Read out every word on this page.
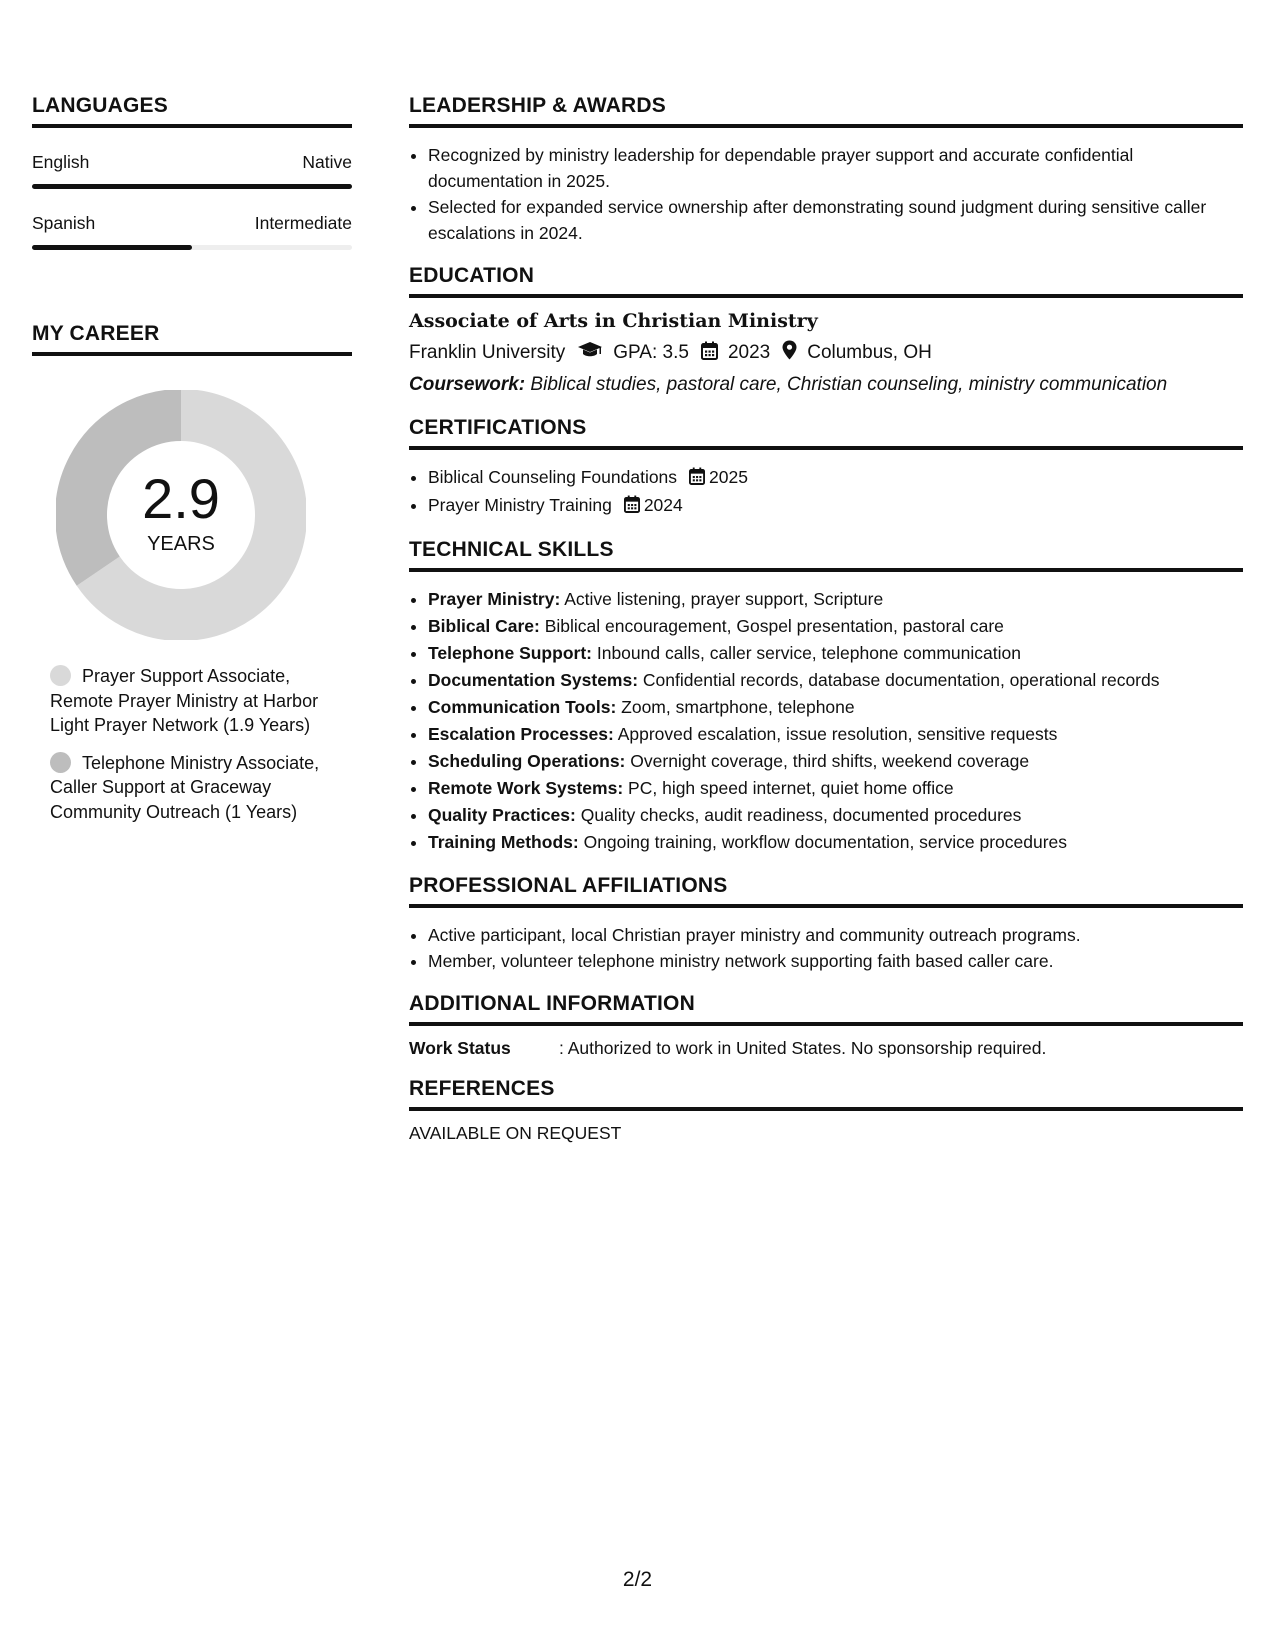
LANGUAGES
English	Native
Spanish	Intermediate
MY CAREER
2.9
YEARS
Prayer Support Associate, Remote Prayer Ministry at Harbor Light Prayer Network (1.9 Years)
Telephone Ministry Associate, Caller Support at Graceway Community Outreach (1 Years)
LEADERSHIP & AWARDS
• Recognized by ministry leadership for dependable prayer support and accurate confidential documentation in 2025.
• Selected for expanded service ownership after demonstrating sound judgment during sensitive caller escalations in 2024.
EDUCATION
Associate of Arts in Christian Ministry
Franklin University	GPA: 3.5 2023 Columbus, OH
Coursework: Biblical studies, pastoral care, Christian counseling, ministry communication
CERTIFICATIONS
• Biblical Counseling Foundations 2025
• Prayer Ministry Training 2024
TECHNICAL SKILLS
• Prayer Ministry: Active listening, prayer support, Scripture
• Biblical Care: Biblical encouragement, Gospel presentation, pastoral care
• Telephone Support: Inbound calls, caller service, telephone communication
• Documentation Systems: Confidential records, database documentation, operational records
• Communication Tools: Zoom, smartphone, telephone
• Escalation Processes: Approved escalation, issue resolution, sensitive requests
• Scheduling Operations: Overnight coverage, third shifts, weekend coverage
• Remote Work Systems: PC, high speed internet, quiet home office
• Quality Practices: Quality checks, audit readiness, documented procedures
• Training Methods: Ongoing training, workflow documentation, service procedures
PROFESSIONAL AFFILIATIONS
• Active participant, local Christian prayer ministry and community outreach programs.
• Member, volunteer telephone ministry network supporting faith based caller care.
ADDITIONAL INFORMATION
Work Status	: Authorized to work in United States. No sponsorship required.
REFERENCES
AVAILABLE ON REQUEST
2/2
